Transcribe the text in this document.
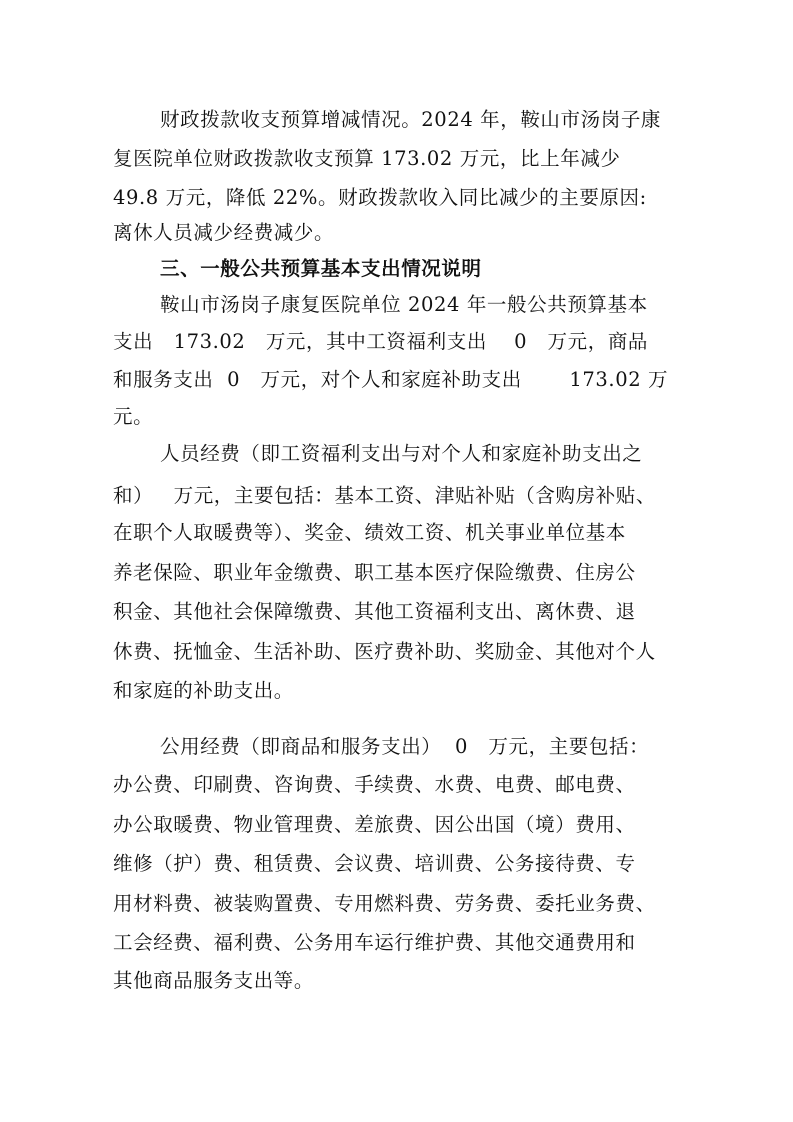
财政拨款收支预算增减情况。2024 年，鞍山市汤岗子康
复医院单位财政拨款收支预算 173.02 万元，比上年减少
49.8 万元，降低 22%。财政拨款收入同比减少的主要原因:
离休人员减少经费减少。
三、一般公共预算基本支出情况说明
鞍山市汤岗子康复医院单位 2024 年一般公共预算基本
支出   173.02   万元，其中工资福利支出    0   万元，商品
和服务支出  0   万元，对个人和家庭补助支出       173.02 万
元。
人员经费（即工资福利支出与对个人和家庭补助支出之
和）   万元，主要包括：基本工资、津贴补贴（含购房补贴、
在职个人取暖费等）、奖金、绩效工资、机关事业单位基本
养老保险、职业年金缴费、职工基本医疗保险缴费、住房公
积金、其他社会保障缴费、其他工资福利支出、离休费、退
休费、抚恤金、生活补助、医疗费补助、奖励金、其他对个人
和家庭的补助支出。
公用经费（即商品和服务支出）  0   万元，主要包括：
办公费、印刷费、咨询费、手续费、水费、电费、邮电费、
办公取暖费、物业管理费、差旅费、因公出国（境）费用、
维修（护）费、租赁费、会议费、培训费、公务接待费、专
用材料费、被装购置费、专用燃料费、劳务费、委托业务费、
工会经费、福利费、公务用车运行维护费、其他交通费用和
其他商品服务支出等。
